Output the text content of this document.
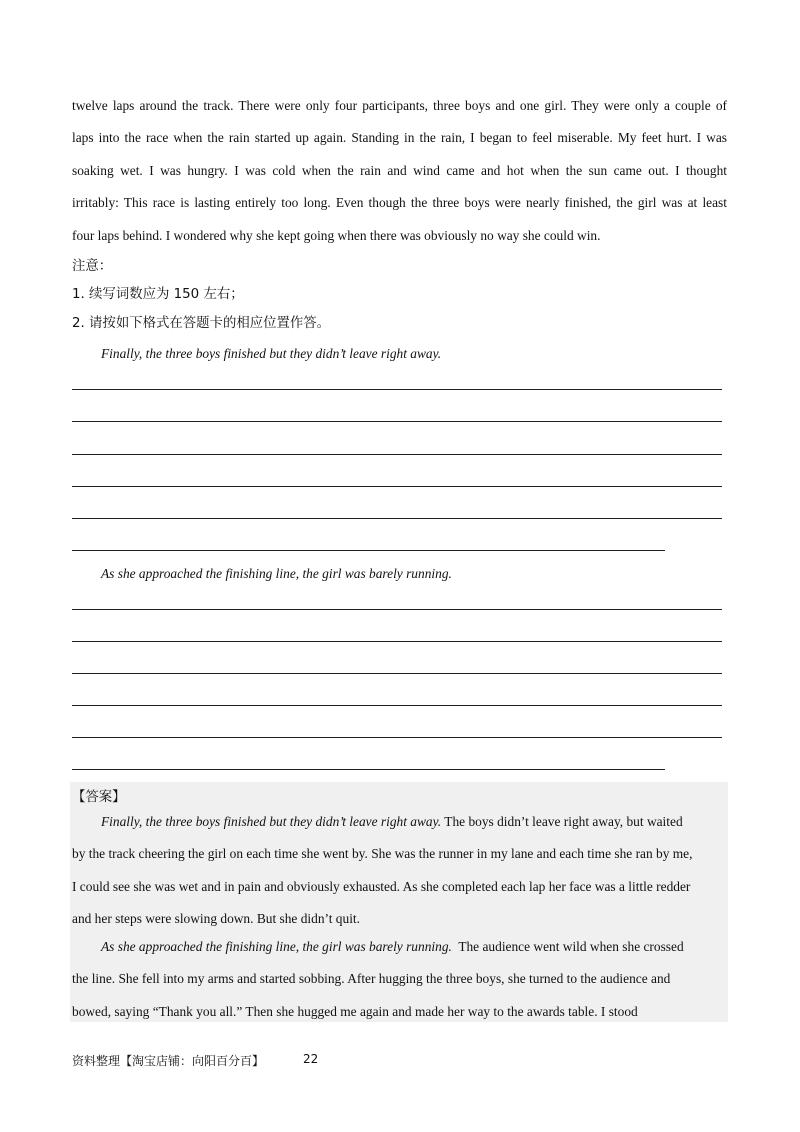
twelve laps around the track. There were only four participants, three boys and one girl. They were only a couple of
laps into the race when the rain started up again. Standing in the rain, I began to feel miserable. My feet hurt. I was
soaking wet. I was hungry. I was cold when the rain and wind came and hot when the sun came out. I thought
irritably: This race is lasting entirely too long. Even though the three boys were nearly finished, the girl was at least
four laps behind. I wondered why she kept going when there was obviously no way she could win.
注意：
1. 续写词数应为 150 左右；
2. 请按如下格式在答题卡的相应位置作答。
Finally, the three boys finished but they didn’t leave right away.
As she approached the finishing line, the girl was barely running.
【答案】
Finally, the three boys finished but they didn’t leave right away. The boys didn’t leave right away, but waited
by the track cheering the girl on each time she went by. She was the runner in my lane and each time she ran by me,
I could see she was wet and in pain and obviously exhausted. As she completed each lap her face was a little redder
and her steps were slowing down. But she didn’t quit.
As she approached the finishing line, the girl was barely running.  The audience went wild when she crossed
the line. She fell into my arms and started sobbing. After hugging the three boys, she turned to the audience and
bowed, saying “Thank you all.” Then she hugged me again and made her way to the awards table. I stood
资料整理【淘宝店铺：向阳百分百】	22
